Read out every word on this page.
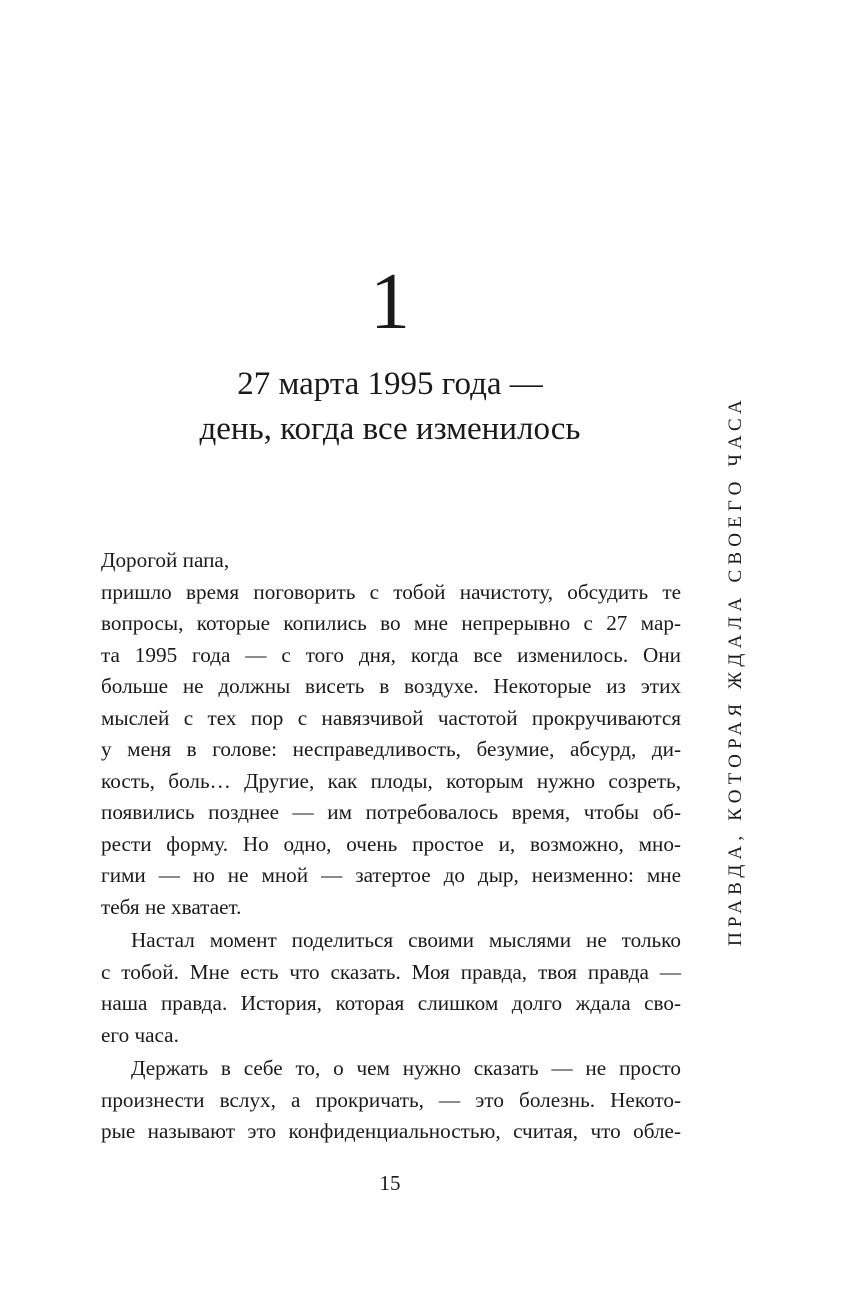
1
27 марта 1995 года —
день, когда все изменилось
Дорогой папа,
пришло время поговорить с тобой начистоту, обсудить те
вопросы, которые копились во мне непрерывно с 27 мар-
та 1995 года — с того дня, когда все изменилось. Они
больше не должны висеть в воздухе. Некоторые из этих
мыслей с тех пор с навязчивой частотой прокручиваются
у меня в голове: несправедливость, безумие, абсурд, ди-
кость, боль… Другие, как плоды, которым нужно созреть,
появились позднее — им потребовалось время, чтобы об-
рести форму. Но одно, очень простое и, возможно, мно-
гими — но не мной — затертое до дыр, неизменно: мне
тебя не хватает.
Настал момент поделиться своими мыслями не только
с тобой. Мне есть что сказать. Моя правда, твоя правда —
наша правда. История, которая слишком долго ждала сво-
его часа.
Держать в себе то, о чем нужно сказать — не просто
произнести вслух, а прокричать, — это болезнь. Некото-
рые называют это конфиденциальностью, считая, что обле-
ПРАВДА, КОТОРАЯ ЖДАЛА СВОЕГО ЧАСА
15
